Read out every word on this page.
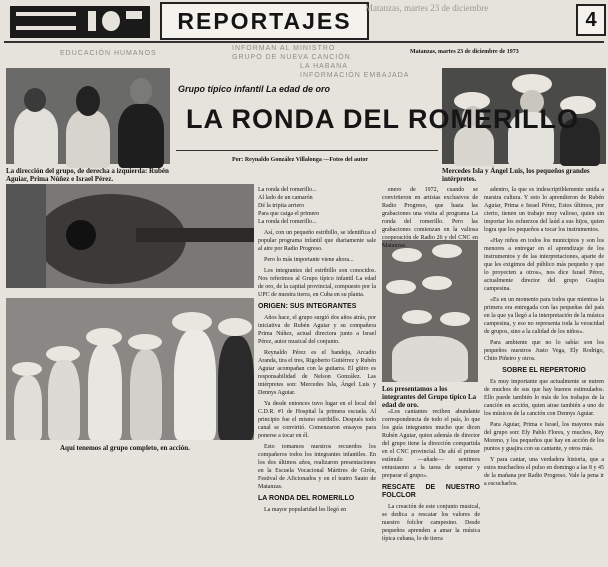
REPORTAJES	Matanzas, martes 23 de diciembre
4
Matanzas, martes 23 de diciembre de 1973
INFORMAN AL MINISTRO
GRUPO DE NUEVA CANCIÓN
LA HABANA
INFORMACIÓN EMBAJADA
EDUCACIÓN HUMANOS
La dirección del grupo, de derecha a izquierda: Rubén Aguiar, Prima Núñez e Israel Pérez.
Mercedes Isla y Ángel Luis, los pequeños grandes intérpretes.
Grupo típico infantil La edad de oro
LA RONDA DEL ROMERILLO
Por: Reynaldo González Villalonga —Fotos del autor
Aquí tenemos al grupo completo, en acción.
Los presentamos a los integrantes del Grupo típico La edad de oro.

La ronda del romerillo...

Al lado de un camarón

Dé la tripita arriero

Para que caiga el primero

La ronda del romerillo...

Así, con un pequeño estribillo, se identifica el popular programa infantil que diariamente sale al aire por Radio Progreso.

Pero lo más importante viene ahora...

Los integrantes del estribillo son conocidos. Nos referimos al Grupo típico infantil La edad de oro, de la capital provincial, compuesto por la UPC de nuestra tierra, en Cuba en su planta.

ORIGEN: SUS INTEGRANTES

Años hace, el grupo surgió dos años atrás, por iniciativa de Rubén Aguiar y su compañera Prima Núñez, actual directora junto a Israel Pérez, autor musical del conjunto.

Reynaldo Pérez es el bandeja, Arcadio Aranda, tira el tres, Rigoberto Gutiérrez y Rubén Aguiar acompañan con la guitarra. El güiro es responsabilidad de Nelson González. Las intérpretes son: Mercedes Isla, Ángel Luis y Dennys Aguiar.

Ya desde entonces tuvo lugar en el local del C.D.R. #1 de Hospital la primera escuela. Al principio fue el mismo estribillo. Después todo canal se convirtió. Comenzaron ensayos para ponerse a tocar en él.

Esto tomamos nuestros recuerdos los compañeros todos los integrantes infantiles. En los dos últimos años, realizaron presentaciones en la Escuela Vocacional Mártires de Girón, Festival de Aficionados y en el teatro Sauto de Matanzas.

LA RONDA DEL ROMERILLO

La mayor popularidad les llegó en

enero de 1972, cuando se convirtieron en artistas exclusivos de Radio Progreso, que hasta las grabaciones una visita al programa La ronda del romerillo. Pero las grabaciones comienzan en la valiosa cooperación de Radio 26 y del CNC en Matanzas.

«Los cantantes reciben abundante correspondencia de todo el país, lo que los guía integrantes mucho que dicen Rubén Aguiar, quien además de director del grupo tiene la dirección compartida en el CNC provincial. De ahí el primer estímulo —añade— sentimos entusiasmo a la tarea de superar y preparar el grupo».

RESCATE DE NUESTRO FOLCLOR

La creación de este conjunto musical, se dedica a rescatar los valores de nuestro folclor campesino. Desde pequeños aprenden a amar la música típica cubana, lo de tierra

adentro, la que es indescriptiblemente unida a nuestra cultura. Y esto lo aprendieron de Rubén Aguiar, Prima e Israel Pérez, Estos últimos, por cierto, tienen un trabajo muy valioso, quien sin importar los esfuerzos del laúd a sus hijos, quien logra que los pequeños a tocar los instrumentos.

«Hay niños en todos los municipios y son los menores a entregar en el aprendizaje de los instrumentos y de las interpretaciones, aparte de que les exigimos del público más pequeño y que lo proyecten a otros», nos dice Israel Pérez, actualmente director del grupo Guajira campesina.

«Es en un momento para todos que mientras la primera era entregada con las pequeñas del país en la que ya llegó a la interpretación de la música campesina, y eso no representa toda la veracidad de grupos, sino a la calidad de los niños».

Para ambiente que no lo sabía: son los pequeños nuestros Justo Vega, Ely Rodrigo, Chito Piñeiro y otros.

SOBRE EL REPERTORIO

Es muy importante que actualmente se nutren de muchos de sus que hay buenos estimulados. Ello puede también lo más de los trabajos de la canción en acción, quien atrae también a uno de los músicos de la canción con Dennys Aguiar.

Para Aguiar, Prima e Israel, los mayores más del grupo son: Ely Pablo Flores, y muchos, Rey Moreno, y los pequeños que hay en acción de los puntos y guajira con su cantante, y otros más.

Y para cantar, una verdadera historia, que a estos muchachos el pulso en domingo a las 8 y 45 de la mañana por Radio Progreso. Vale la pena ir a escucharlos.
